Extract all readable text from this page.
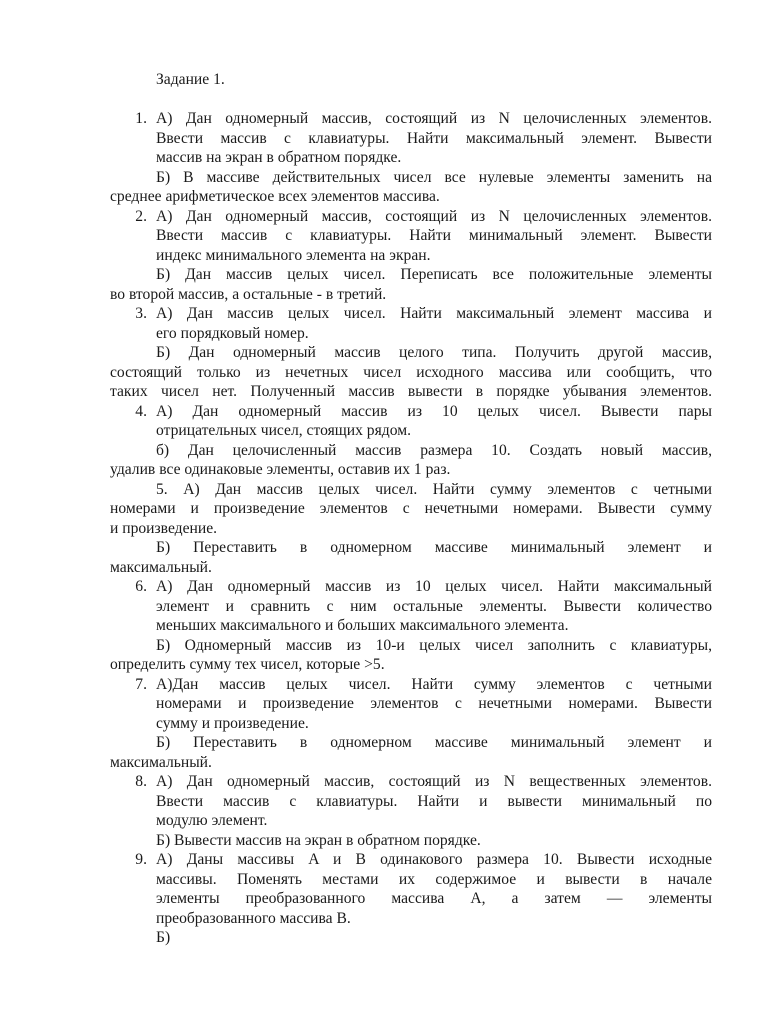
Задание 1.
1. А) Дан одномерный массив, состоящий из N целочисленных элементов.
Ввести массив с клавиатуры. Найти максимальный элемент. Вывести
массив на экран в обратном порядке.
Б) В массиве действительных чисел все нулевые элементы заменить на
среднее арифметическое всех элементов массива.
2. А) Дан одномерный массив, состоящий из N целочисленных элементов.
Ввести массив с клавиатуры. Найти минимальный элемент. Вывести
индекс минимального элемента на экран.
Б) Дан массив целых чисел. Переписать все положительные элементы
во второй массив, а остальные - в третий.
3. А) Дан массив целых чисел. Найти максимальный элемент массива и
его порядковый номер.
Б) Дан одномерный массив целого типа. Получить другой массив,
состоящий только из нечетных чисел исходного массива или сообщить, что
таких чисел нет. Полученный массив вывести в порядке убывания элементов.
4. А) Дан одномерный массив из 10 целых чисел. Вывести пары
отрицательных чисел, стоящих рядом.
б) Дан целочисленный массив размера 10. Создать новый массив,
удалив все одинаковые элементы, оставив их 1 раз.
5. А) Дан массив целых чисел. Найти сумму элементов с четными
номерами и произведение элементов с нечетными номерами. Вывести сумму
и произведение.
Б) Переставить в одномерном массиве минимальный элемент и
максимальный.
6. А) Дан одномерный массив из 10 целых чисел. Найти максимальный
элемент и сравнить с ним остальные элементы. Вывести количество
меньших максимального и больших максимального элемента.
Б) Одномерный массив из 10-и целых чисел заполнить с клавиатуры,
определить сумму тех чисел, которые >5.
7. А)Дан массив целых чисел. Найти сумму элементов с четными
номерами и произведение элементов с нечетными номерами. Вывести
сумму и произведение.
Б) Переставить в одномерном массиве минимальный элемент и
максимальный.
8. А) Дан одномерный массив, состоящий из N вещественных элементов.
Ввести массив с клавиатуры. Найти и вывести минимальный по
модулю элемент.
Б) Вывести массив на экран в обратном порядке.
9. А) Даны массивы A и B одинакового размера 10. Вывести исходные
массивы. Поменять местами их содержимое и вывести в начале
элементы преобразованного массива А, а затем — элементы
преобразованного массива В.
Б)
